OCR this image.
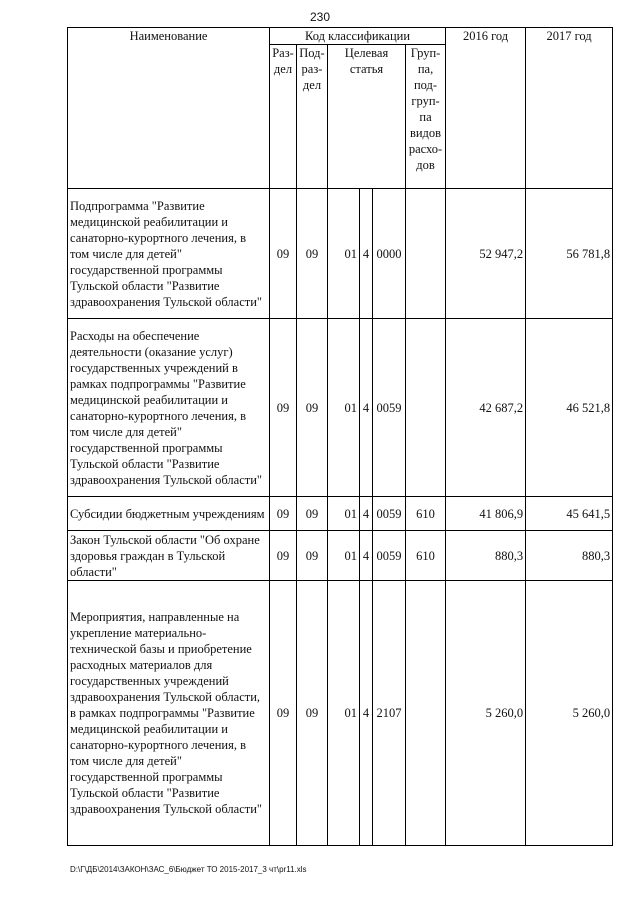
230
Наименование	Код классификации						2016 год	2017 год
	Раз-дел	Под-раз-дел	Целевая статья			Груп-па, под-груп-па видов расхо-дов		
Подпрограмма "Развитие медицинской реабилитации и санаторно-курортного лечения, в том числе для детей" государственной программы Тульской области "Развитие здравоохранения Тульской области"	09	09	01	4	0000		52 947,2	56 781,8
Расходы на обеспечение деятельности (оказание услуг) государственных учреждений в рамках подпрограммы "Развитие медицинской реабилитации и санаторно-курортного лечения, в том числе для детей" государственной программы Тульской области "Развитие здравоохранения Тульской области"	09	09	01	4	0059		42 687,2	46 521,8
Субсидии бюджетным учреждениям	09	09	01	4	0059	610	41 806,9	45 641,5
Закон Тульской области "Об охране здоровья граждан в Тульской области"	09	09	01	4	0059	610	880,3	880,3
Мероприятия, направленные на укрепление материально-технической базы и приобретение расходных материалов для государственных учреждений здравоохранения Тульской области, в рамках подпрограммы "Развитие медицинской реабилитации и санаторно-курортного лечения, в том числе для детей" государственной программы Тульской области "Развитие здравоохранения Тульской области"	09	09	01	4	2107		5 260,0	5 260,0
D:\Г\ДБ\2014\ЗАКОН\ЗАС_6\Бюджет ТО 2015-2017_3 чт\pr11.xls
